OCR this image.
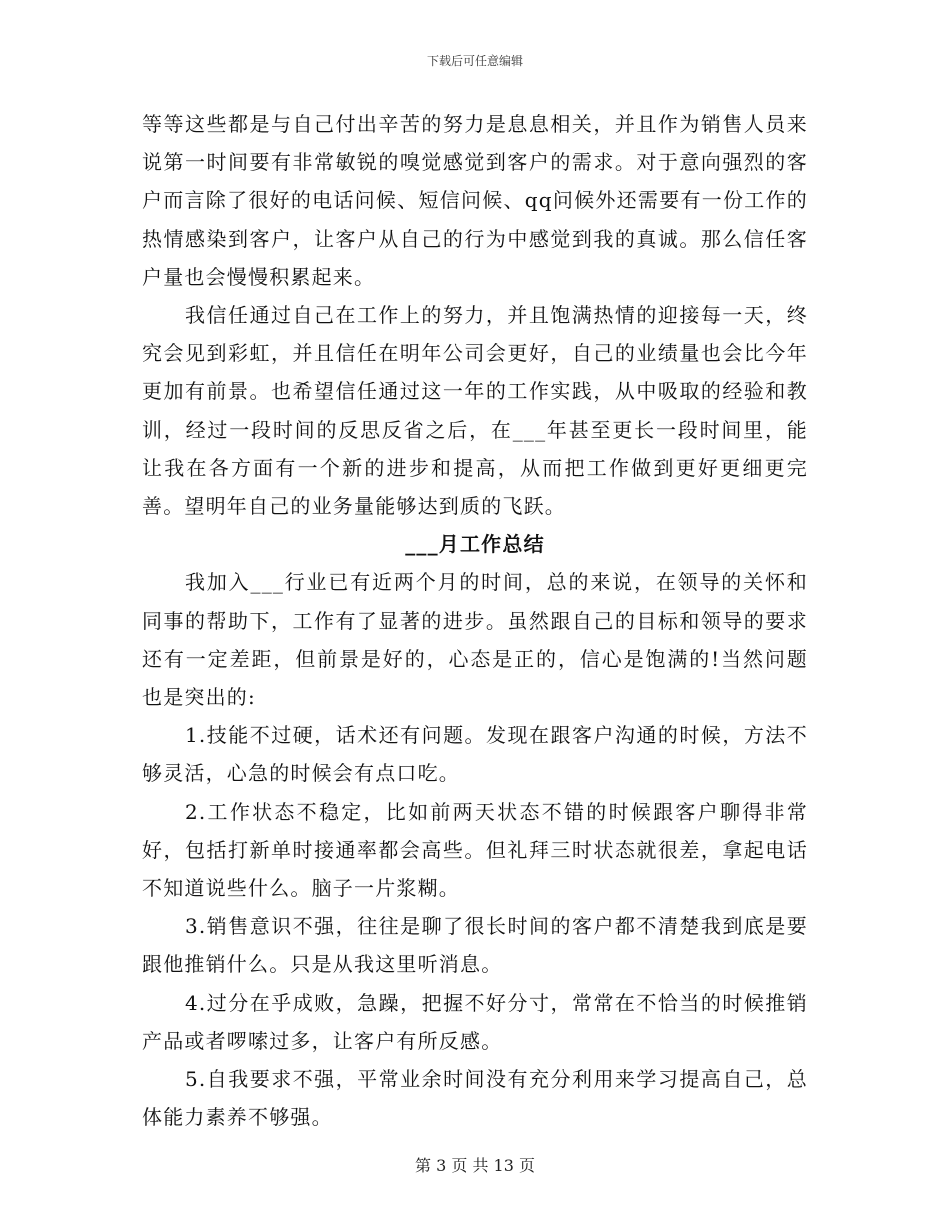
下载后可任意编辑

等等这些都是与自己付出辛苦的努力是息息相关，并且作为销售人员来说第一时间要有非常敏锐的嗅觉感觉到客户的需求。对于意向强烈的客户而言除了很好的电话问候、短信问候、qq问候外还需要有一份工作的热情感染到客户，让客户从自己的行为中感觉到我的真诚。那么信任客户量也会慢慢积累起来。

我信任通过自己在工作上的努力，并且饱满热情的迎接每一天，终究会见到彩虹，并且信任在明年公司会更好，自己的业绩量也会比今年更加有前景。也希望信任通过这一年的工作实践，从中吸取的经验和教训，经过一段时间的反思反省之后，在___年甚至更长一段时间里，能让我在各方面有一个新的进步和提高，从而把工作做到更好更细更完善。望明年自己的业务量能够达到质的飞跃。

___月工作总结

我加入___行业已有近两个月的时间，总的来说，在领导的关怀和同事的帮助下，工作有了显著的进步。虽然跟自己的目标和领导的要求还有一定差距，但前景是好的，心态是正的，信心是饱满的!当然问题也是突出的:

1.技能不过硬，话术还有问题。发现在跟客户沟通的时候，方法不够灵活，心急的时候会有点口吃。

2.工作状态不稳定，比如前两天状态不错的时候跟客户聊得非常好，包括打新单时接通率都会高些。但礼拜三时状态就很差，拿起电话不知道说些什么。脑子一片浆糊。

3.销售意识不强，往往是聊了很长时间的客户都不清楚我到底是要跟他推销什么。只是从我这里听消息。

4.过分在乎成败，急躁，把握不好分寸，常常在不恰当的时候推销产品或者啰嗦过多，让客户有所反感。

5.自我要求不强，平常业余时间没有充分利用来学习提高自己，总体能力素养不够强。

第 3 页 共 13 页
